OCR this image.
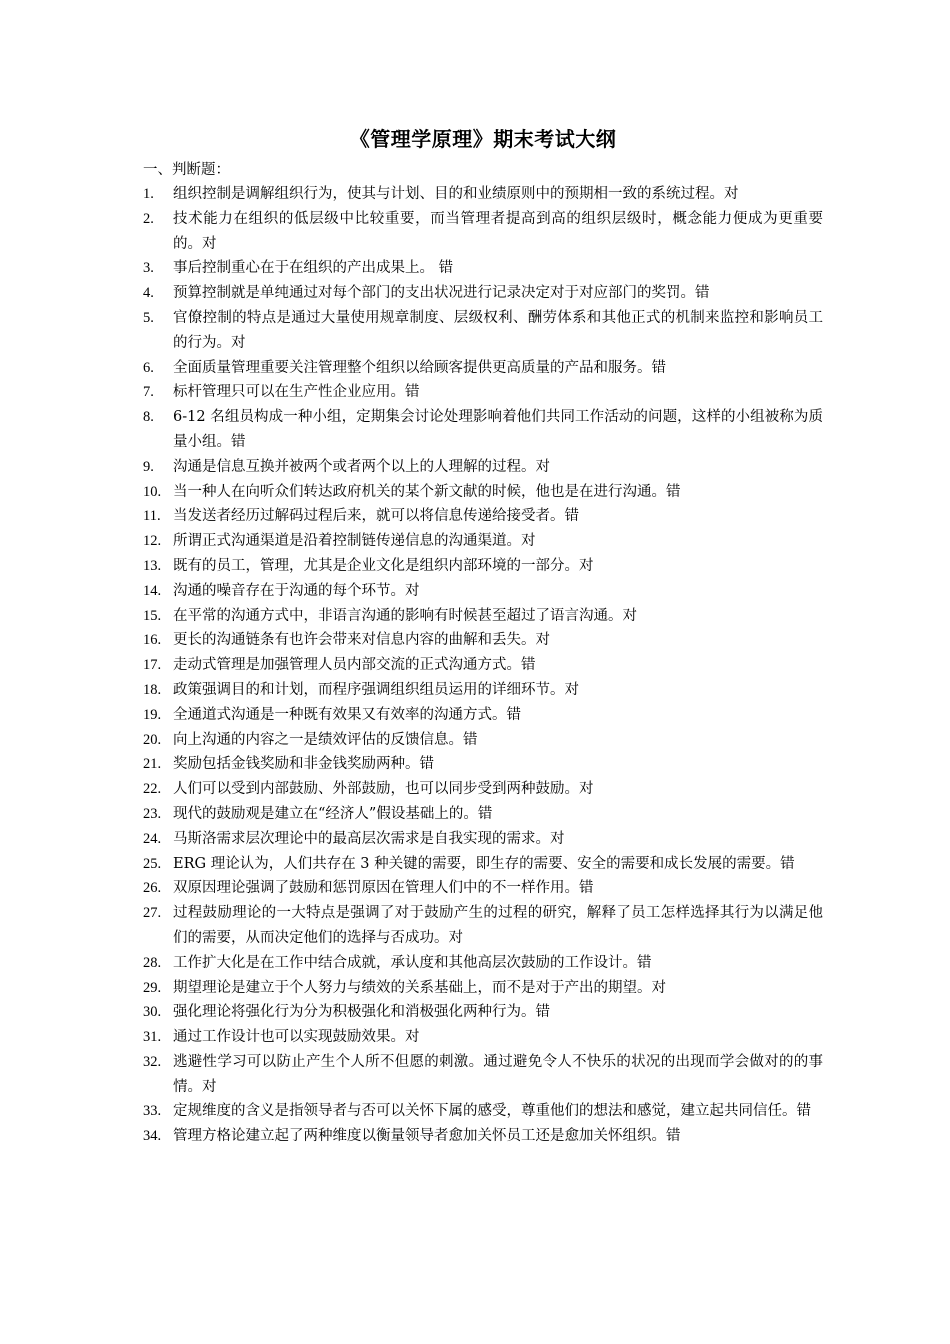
《管理学原理》期末考试大纲
一、判断题：
1.	组织控制是调解组织行为，使其与计划、目的和业绩原则中的预期相一致的系统过程。对
2.	技术能力在组织的低层级中比较重要，而当管理者提高到高的组织层级时，概念能力便成为更重要的。对
3.	事后控制重心在于在组织的产出成果上。 错
4.	预算控制就是单纯通过对每个部门的支出状况进行记录决定对于对应部门的奖罚。错
5.	官僚控制的特点是通过大量使用规章制度、层级权利、酬劳体系和其他正式的机制来监控和影响员工的行为。对
6.	全面质量管理重要关注管理整个组织以给顾客提供更高质量的产品和服务。错
7.	标杆管理只可以在生产性企业应用。错
8.	6-12 名组员构成一种小组，定期集会讨论处理影响着他们共同工作活动的问题，这样的小组被称为质量小组。错
9.	沟通是信息互换并被两个或者两个以上的人理解的过程。对
10. 当一种人在向听众们转达政府机关的某个新文献的时候，他也是在进行沟通。错
11. 当发送者经历过解码过程后来，就可以将信息传递给接受者。错
12. 所谓正式沟通渠道是沿着控制链传递信息的沟通渠道。对
13. 既有的员工，管理，尤其是企业文化是组织内部环境的一部分。对
14. 沟通的噪音存在于沟通的每个环节。对
15. 在平常的沟通方式中，非语言沟通的影响有时候甚至超过了语言沟通。对
16. 更长的沟通链条有也许会带来对信息内容的曲解和丢失。对
17. 走动式管理是加强管理人员内部交流的正式沟通方式。错
18. 政策强调目的和计划，而程序强调组织组员运用的详细环节。对
19. 全通道式沟通是一种既有效果又有效率的沟通方式。错
20. 向上沟通的内容之一是绩效评估的反馈信息。错
21. 奖励包括金钱奖励和非金钱奖励两种。错
22. 人们可以受到内部鼓励、外部鼓励，也可以同步受到两种鼓励。对
23. 现代的鼓励观是建立在“经济人”假设基础上的。错
24. 马斯洛需求层次理论中的最高层次需求是自我实现的需求。对
25. ERG 理论认为，人们共存在 3 种关键的需要，即生存的需要、安全的需要和成长发展的需要。错
26. 双原因理论强调了鼓励和惩罚原因在管理人们中的不一样作用。错
27. 过程鼓励理论的一大特点是强调了对于鼓励产生的过程的研究，解释了员工怎样选择其行为以满足他们的需要，从而决定他们的选择与否成功。对
28. 工作扩大化是在工作中结合成就，承认度和其他高层次鼓励的工作设计。错
29. 期望理论是建立于个人努力与绩效的关系基础上，而不是对于产出的期望。对
30. 强化理论将强化行为分为积极强化和消极强化两种行为。错
31. 通过工作设计也可以实现鼓励效果。对
32. 逃避性学习可以防止产生个人所不但愿的刺激。通过避免令人不快乐的状况的出现而学会做对的的事情。对
33. 定规维度的含义是指领导者与否可以关怀下属的感受，尊重他们的想法和感觉，建立起共同信任。错
34. 管理方格论建立起了两种维度以衡量领导者愈加关怀员工还是愈加关怀组织。错
